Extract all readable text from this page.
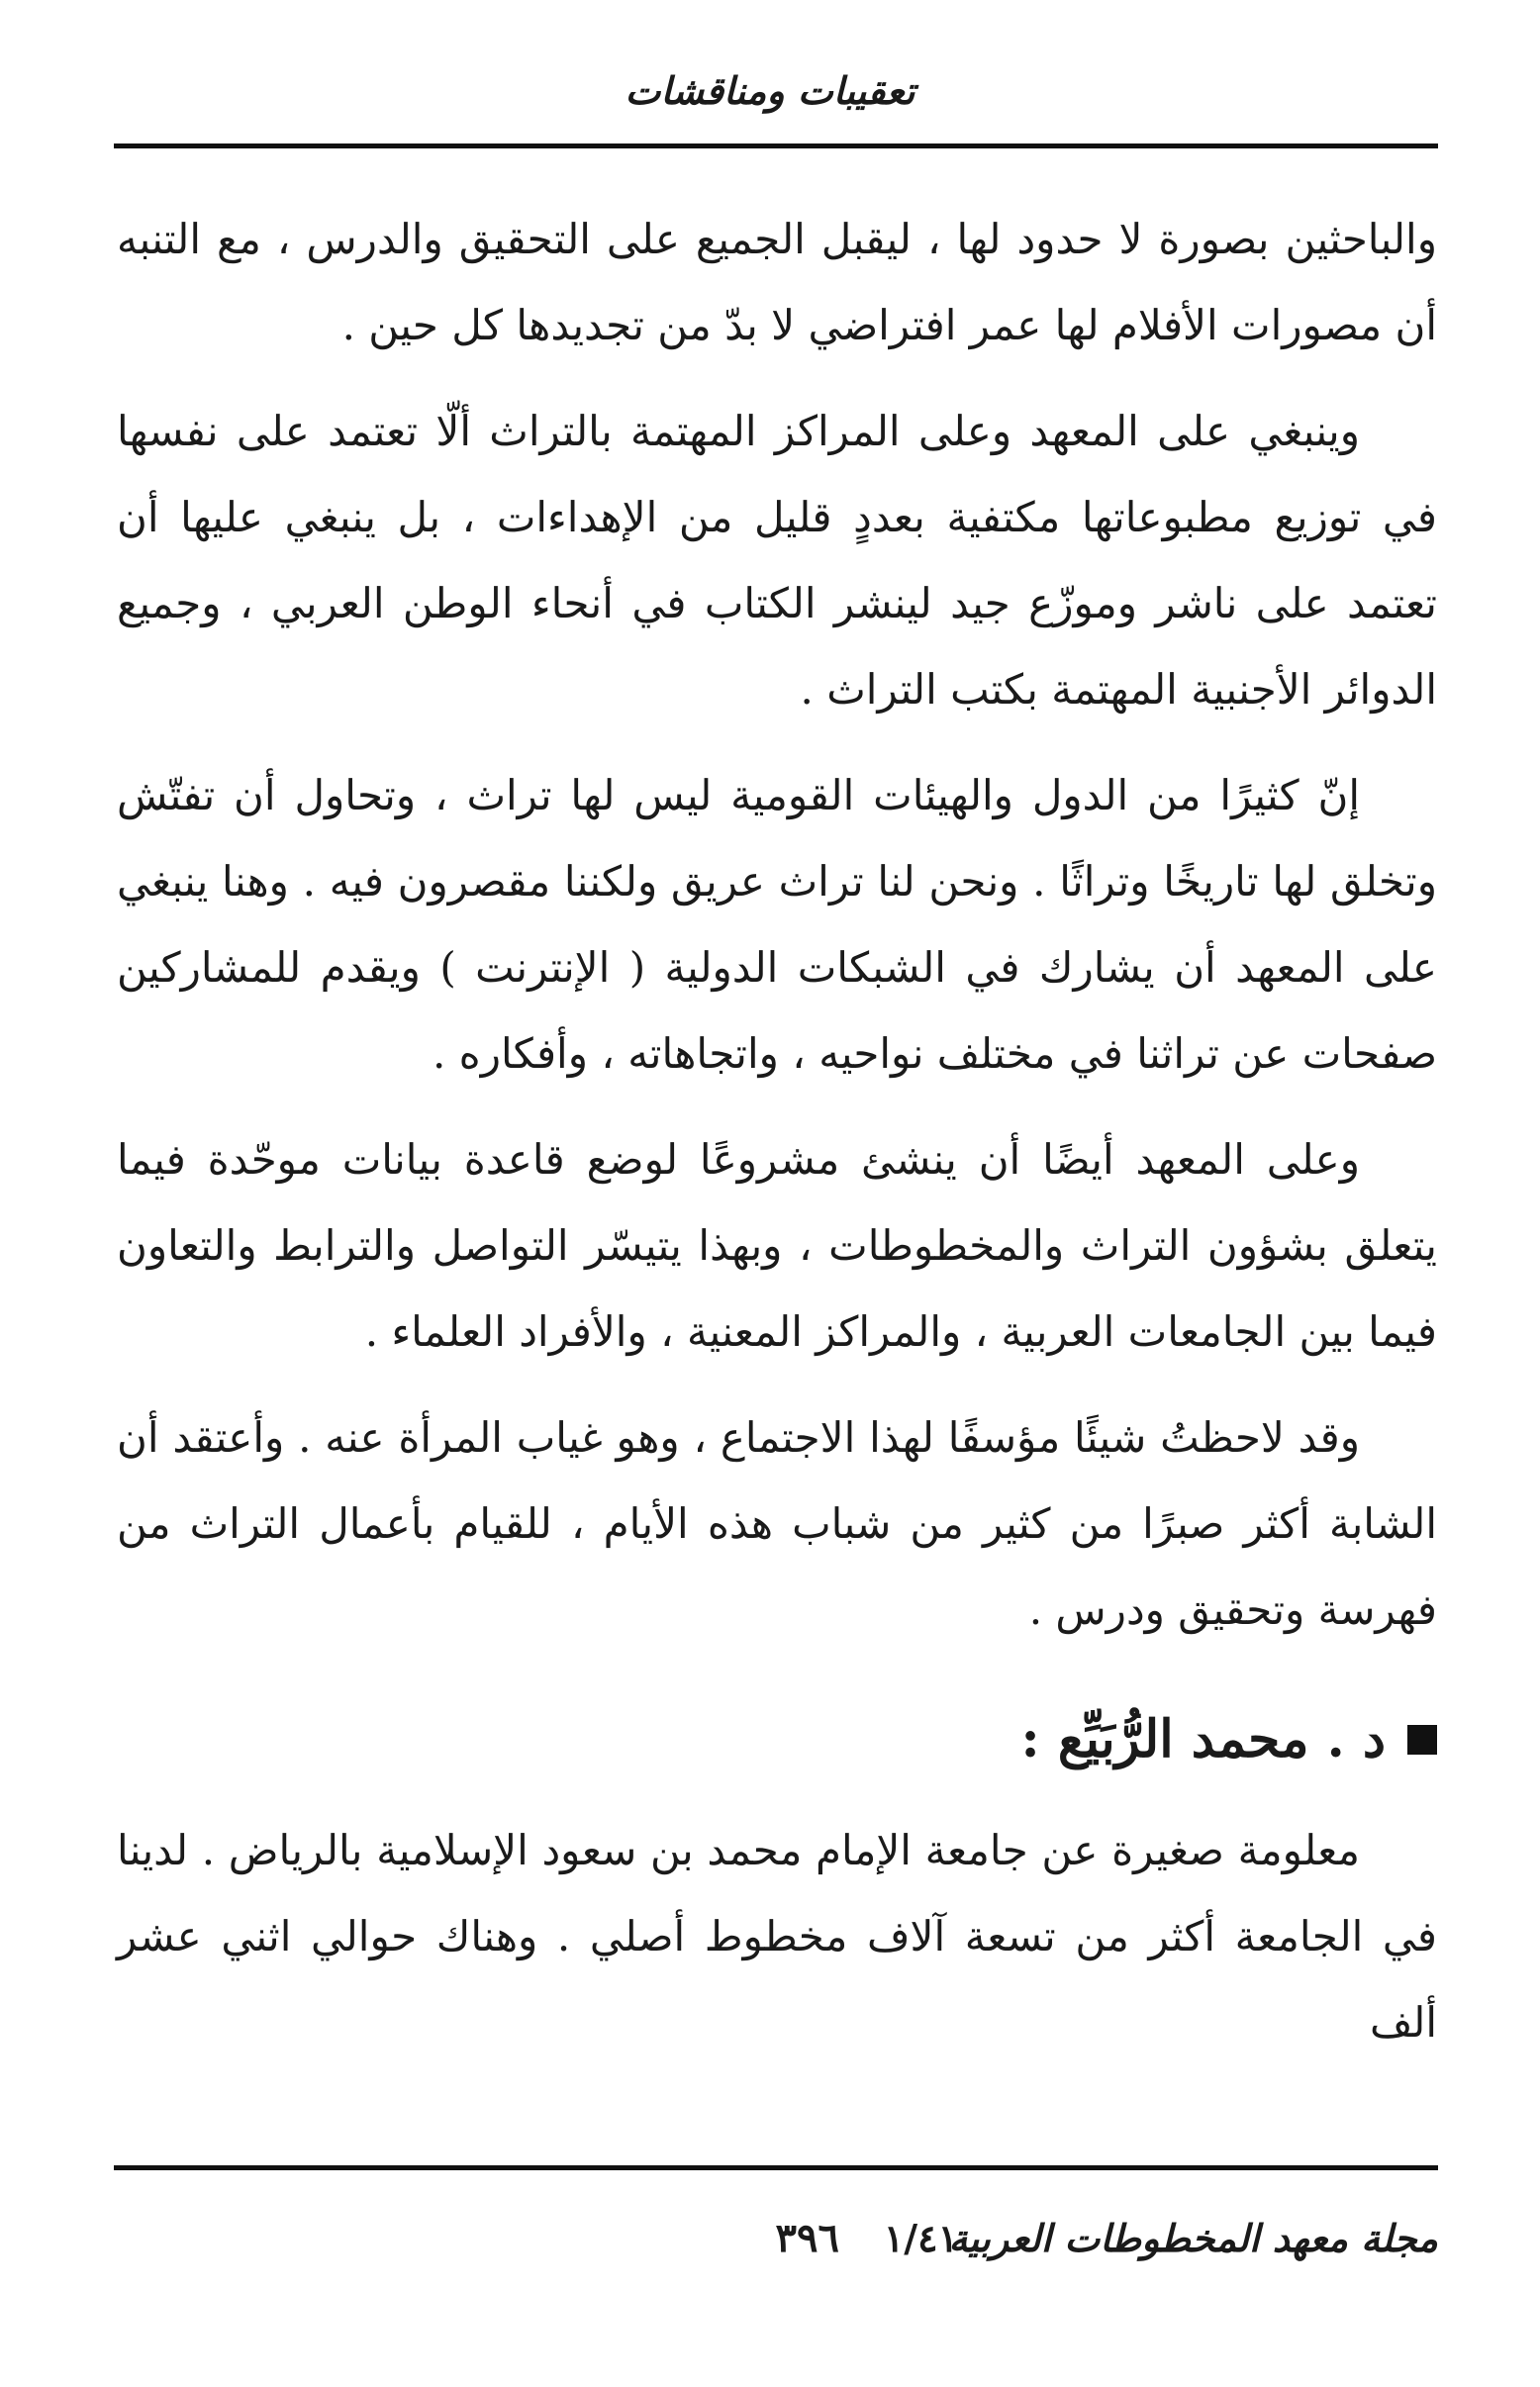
تعقيبات ومناقشات

والباحثين بصورة لا حدود لها ، ليقبل الجميع على التحقيق والدرس ، مع التنبه أن مصورات الأفلام لها عمر افتراضي لا بدّ من تجديدها كل حين .

وينبغي على المعهد وعلى المراكز المهتمة بالتراث ألّا تعتمد على نفسها في توزيع مطبوعاتها مكتفية بعددٍ قليل من الإهداءات ، بل ينبغي عليها أن تعتمد على ناشر وموزّع جيد لينشر الكتاب في أنحاء الوطن العربي ، وجميع الدوائر الأجنبية المهتمة بكتب التراث .

إنّ كثيرًا من الدول والهيئات القومية ليس لها تراث ، وتحاول أن تفتّش وتخلق لها تاريخًا وتراثًا . ونحن لنا تراث عريق ولكننا مقصرون فيه . وهنا ينبغي على المعهد أن يشارك في الشبكات الدولية ( الإنترنت ) ويقدم للمشاركين صفحات عن تراثنا في مختلف نواحيه ، واتجاهاته ، وأفكاره .

وعلى المعهد أيضًا أن ينشئ مشروعًا لوضع قاعدة بيانات موحّدة فيما يتعلق بشؤون التراث والمخطوطات ، وبهذا يتيسّر التواصل والترابط والتعاون فيما بين الجامعات العربية ، والمراكز المعنية ، والأفراد العلماء .

وقد لاحظتُ شيئًا مؤسفًا لهذا الاجتماع ، وهو غياب المرأة عنه . وأعتقد أن الشابة أكثر صبرًا من كثير من شباب هذه الأيام ، للقيام بأعمال التراث من فهرسة وتحقيق ودرس .

د . محمد الرُّبَيِّع :

معلومة صغيرة عن جامعة الإمام محمد بن سعود الإسلامية بالرياض . لدينا في الجامعة أكثر من تسعة آلاف مخطوط أصلي . وهناك حوالي اثني عشر ألف

مجلة معهد المخطوطات العربية
١/٤١
٣٩٦
